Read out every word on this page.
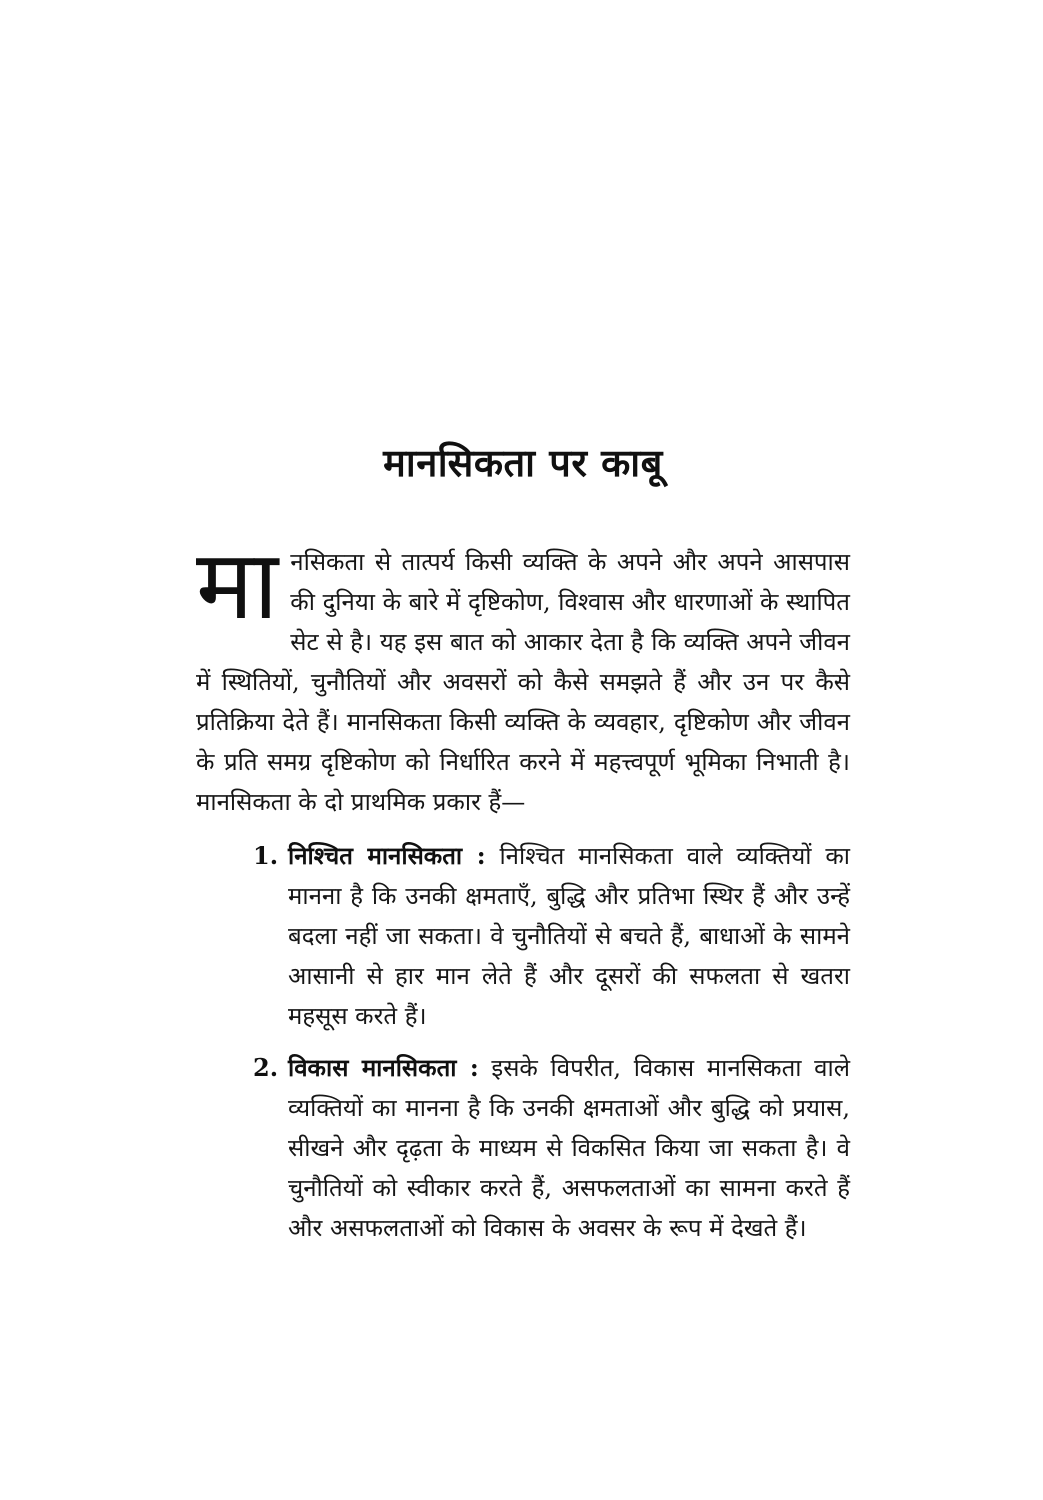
मानसिकता पर काबू

मानसिकता से तात्पर्य किसी व्यक्ति के अपने और अपने आसपास की दुनिया के बारे में दृष्टिकोण, विश्वास और धारणाओं के स्थापित सेट से है। यह इस बात को आकार देता है कि व्यक्ति अपने जीवन में स्थितियों, चुनौतियों और अवसरों को कैसे समझते हैं और उन पर कैसे प्रतिक्रिया देते हैं। मानसिकता किसी व्यक्ति के व्यवहार, दृष्टिकोण और जीवन के प्रति समग्र दृष्टिकोण को निर्धारित करने में महत्त्वपूर्ण भूमिका निभाती है। मानसिकता के दो प्राथमिक प्रकार हैं—

1. निश्चित मानसिकता : निश्चित मानसिकता वाले व्यक्तियों का मानना है कि उनकी क्षमताएँ, बुद्धि और प्रतिभा स्थिर हैं और उन्हें बदला नहीं जा सकता। वे चुनौतियों से बचते हैं, बाधाओं के सामने आसानी से हार मान लेते हैं और दूसरों की सफलता से खतरा महसूस करते हैं।
2. विकास मानसिकता : इसके विपरीत, विकास मानसिकता वाले व्यक्तियों का मानना है कि उनकी क्षमताओं और बुद्धि को प्रयास, सीखने और दृढ़ता के माध्यम से विकसित किया जा सकता है। वे चुनौतियों को स्वीकार करते हैं, असफलताओं का सामना करते हैं और असफलताओं को विकास के अवसर के रूप में देखते हैं।
